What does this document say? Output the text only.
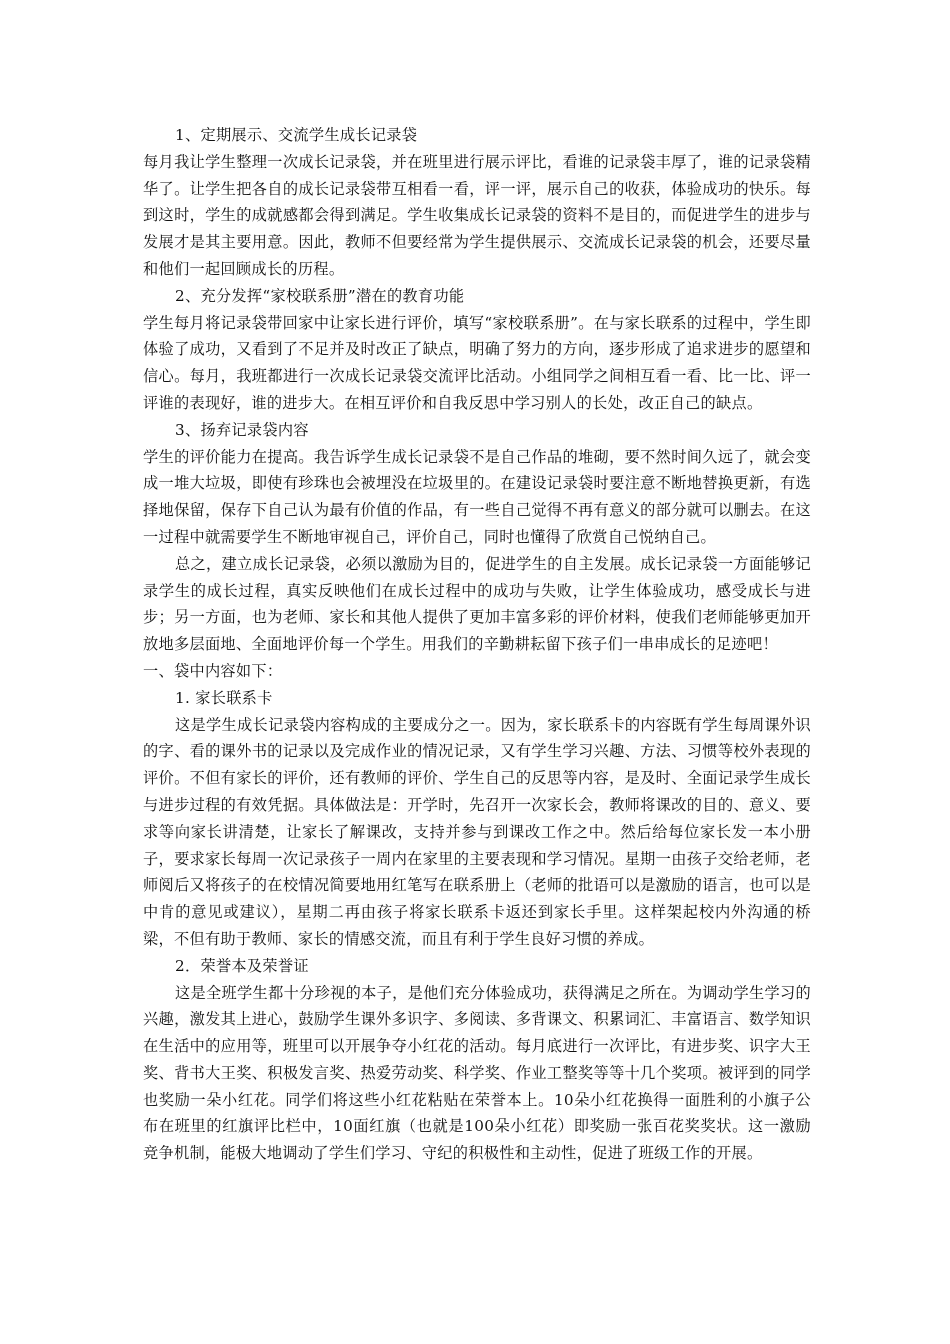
1、定期展示、交流学生成长记录袋

每月我让学生整理一次成长记录袋，并在班里进行展示评比，看谁的记录袋丰厚了，谁的记录袋精华了。让学生把各自的成长记录袋带互相看一看，评一评，展示自己的收获，体验成功的快乐。每到这时，学生的成就感都会得到满足。学生收集成长记录袋的资料不是目的，而促进学生的进步与发展才是其主要用意。因此，教师不但要经常为学生提供展示、交流成长记录袋的机会，还要尽量和他们一起回顾成长的历程。

2、充分发挥“家校联系册”潜在的教育功能

学生每月将记录袋带回家中让家长进行评价，填写“家校联系册”。在与家长联系的过程中，学生即体验了成功，又看到了不足并及时改正了缺点，明确了努力的方向，逐步形成了追求进步的愿望和信心。每月，我班都进行一次成长记录袋交流评比活动。小组同学之间相互看一看、比一比、评一评谁的表现好，谁的进步大。在相互评价和自我反思中学习别人的长处，改正自己的缺点。

3、扬弃记录袋内容

学生的评价能力在提高。我告诉学生成长记录袋不是自己作品的堆砌，要不然时间久远了，就会变成一堆大垃圾，即使有珍珠也会被埋没在垃圾里的。在建设记录袋时要注意不断地替换更新，有选择地保留，保存下自己认为最有价值的作品，有一些自己觉得不再有意义的部分就可以删去。在这一过程中就需要学生不断地审视自己，评价自己，同时也懂得了欣赏自己悦纳自己。

总之，建立成长记录袋，必须以激励为目的，促进学生的自主发展。成长记录袋一方面能够记录学生的成长过程，真实反映他们在成长过程中的成功与失败，让学生体验成功，感受成长与进步；另一方面，也为老师、家长和其他人提供了更加丰富多彩的评价材料，使我们老师能够更加开放地多层面地、全面地评价每一个学生。用我们的辛勤耕耘留下孩子们一串串成长的足迹吧！

一、袋中内容如下：

1. 家长联系卡

这是学生成长记录袋内容构成的主要成分之一。因为，家长联系卡的内容既有学生每周课外识的字、看的课外书的记录以及完成作业的情况记录，又有学生学习兴趣、方法、习惯等校外表现的评价。不但有家长的评价，还有教师的评价、学生自己的反思等内容，是及时、全面记录学生成长与进步过程的有效凭据。具体做法是：开学时，先召开一次家长会，教师将课改的目的、意义、要求等向家长讲清楚，让家长了解课改，支持并参与到课改工作之中。然后给每位家长发一本小册子，要求家长每周一次记录孩子一周内在家里的主要表现和学习情况。星期一由孩子交给老师，老师阅后又将孩子的在校情况简要地用红笔写在联系册上（老师的批语可以是激励的语言，也可以是中肯的意见或建议），星期二再由孩子将家长联系卡返还到家长手里。这样架起校内外沟通的桥梁，不但有助于教师、家长的情感交流，而且有利于学生良好习惯的养成。

2．荣誉本及荣誉证

这是全班学生都十分珍视的本子，是他们充分体验成功，获得满足之所在。为调动学生学习的兴趣，激发其上进心，鼓励学生课外多识字、多阅读、多背课文、积累词汇、丰富语言、数学知识在生活中的应用等，班里可以开展争夺小红花的活动。每月底进行一次评比，有进步奖、识字大王奖、背书大王奖、积极发言奖、热爱劳动奖、科学奖、作业工整奖等等十几个奖项。被评到的同学也奖励一朵小红花。同学们将这些小红花粘贴在荣誉本上。10朵小红花换得一面胜利的小旗子公布在班里的红旗评比栏中，10面红旗（也就是100朵小红花）即奖励一张百花奖奖状。这一激励竞争机制，能极大地调动了学生们学习、守纪的积极性和主动性，促进了班级工作的开展。
